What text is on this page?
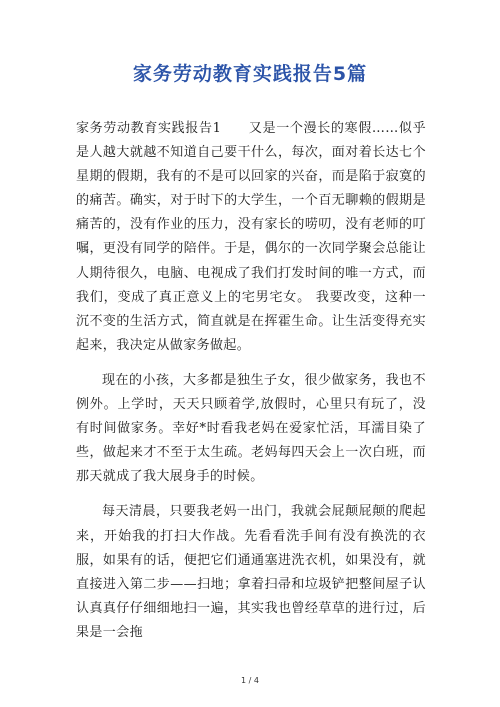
家务劳动教育实践报告5篇

家务劳动教育实践报告1　　又是一个漫长的寒假……似乎是人越大就越不知道自己要干什么，每次，面对着长达七个星期的假期，我有的不是可以回家的兴奋，而是陷于寂寞的的痛苦。确实，对于时下的大学生，一个百无聊赖的假期是痛苦的，没有作业的压力，没有家长的唠叨，没有老师的叮嘱，更没有同学的陪伴。于是，偶尔的一次同学聚会总能让人期待很久，电脑、电视成了我们打发时间的唯一方式，而我们，变成了真正意义上的宅男宅女。 我要改变，这种一沉不变的生活方式，简直就是在挥霍生命。让生活变得充实起来，我决定从做家务做起。

现在的小孩，大多都是独生子女，很少做家务，我也不例外。上学时，天天只顾着学,放假时，心里只有玩了，没有时间做家务。幸好*时看我老妈在爱家忙活，耳濡目染了些，做起来才不至于太生疏。老妈每四天会上一次白班，而那天就成了我大展身手的时候。

每天清晨，只要我老妈一出门，我就会屁颠屁颠的爬起来，开始我的打扫大作战。先看看洗手间有没有换洗的衣服，如果有的话，便把它们通通塞进洗衣机，如果没有，就直接进入第二步——扫地；拿着扫帚和垃圾铲把整间屋子认认真真仔仔细细地扫一遍，其实我也曾经草草的进行过，后果是一会拖

1 / 4
